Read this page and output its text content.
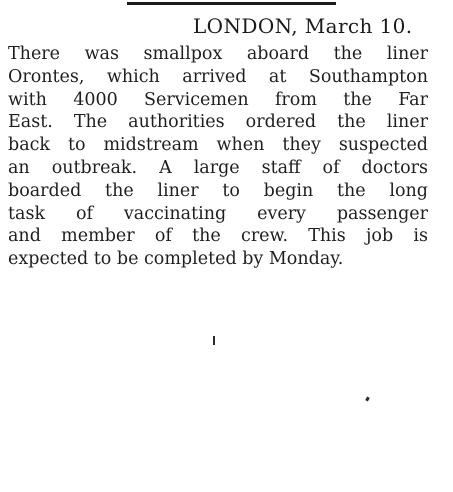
LONDON, March 10.
There was smallpox aboard the liner
Orontes, which arrived at Southampton
with 4000 Servicemen from the Far
East. The authorities ordered the liner
back to midstream when they suspected
an outbreak. A large staff of doctors
boarded the liner to begin the long
task of vaccinating every passenger
and member of the crew. This job is
expected to be completed by Monday.
